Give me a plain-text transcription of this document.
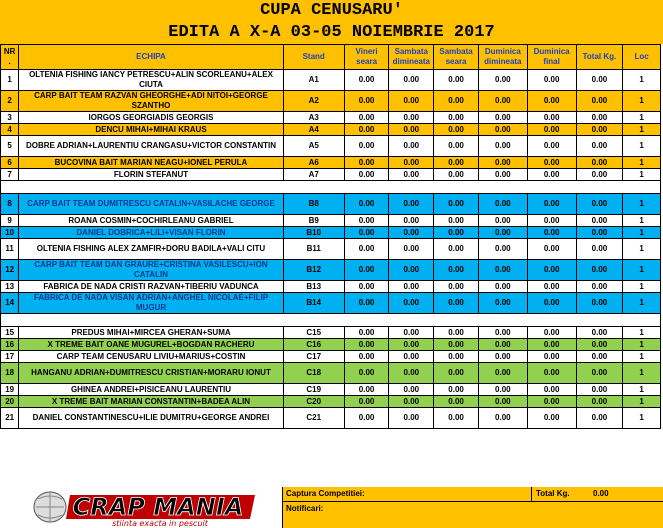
CUPA CENUSARU'
EDITA A X-A 03-05 NOIEMBRIE 2017
NR .	ECHIPA	Stand	Vineri seara	Sambata dimineata	Sambata seara	Duminica dimineata	Duminica final	Total Kg.	Loc
1	OLTENIA FISHING IANCY PETRESCU+ALIN SCORLEANU+ALEX CIUTA	A1	0.00	0.00	0.00	0.00	0.00	0.00	1
2	CARP BAIT TEAM RAZVAN GHEORGHE+ADI NITOI+GEORGE SZANTHO	A2	0.00	0.00	0.00	0.00	0.00	0.00	1
3	IORGOS GEORGIADIS GEORGIS	A3	0.00	0.00	0.00	0.00	0.00	0.00	1
4	DENCU MIHAI+MIHAI KRAUS	A4	0.00	0.00	0.00	0.00	0.00	0.00	1
5	DOBRE ADRIAN+LAURENTIU CRANGASU+VICTOR CONSTANTIN	A5	0.00	0.00	0.00	0.00	0.00	0.00	1
6	BUCOVINA BAIT MARIAN NEAGU+IONEL PERULA	A6	0.00	0.00	0.00	0.00	0.00	0.00	1
7	FLORIN STEFANUT	A7	0.00	0.00	0.00	0.00	0.00	0.00	1

8	CARP BAIT TEAM DUMITRESCU CATALIN+VASILACHE GEORGE	B8	0.00	0.00	0.00	0.00	0.00	0.00	1
9	ROANA COSMIN+COCHIRLEANU GABRIEL	B9	0.00	0.00	0.00	0.00	0.00	0.00	1
10	DANIEL DOBRICA+LILI+VISAN FLORIN	B10	0.00	0.00	0.00	0.00	0.00	0.00	1
11	OLTENIA FISHING ALEX ZAMFIR+DORU BADILA+VALI CITU	B11	0.00	0.00	0.00	0.00	0.00	0.00	1
12	CARP BAIT TEAM DAN GRAURE+CRISTINA VASILESCU+ION CATALIN	B12	0.00	0.00	0.00	0.00	0.00	0.00	1
13	FABRICA DE NADA CRISTI RAZVAN+TIBERIU VADUNCA	B13	0.00	0.00	0.00	0.00	0.00	0.00	1
14	FABRICA DE NADA VISAN ADRIAN+ANGHEL NICOLAE+FILIP MUGUR	B14	0.00	0.00	0.00	0.00	0.00	0.00	1

15	PREDUS MIHAI+MIRCEA GHERAN+SUMA	C15	0.00	0.00	0.00	0.00	0.00	0.00	1
16	X TREME BAIT OANE MUGUREL+BOGDAN RACHERU	C16	0.00	0.00	0.00	0.00	0.00	0.00	1
17	CARP TEAM CENUSARU LIVIU+MARIUS+COSTIN	C17	0.00	0.00	0.00	0.00	0.00	0.00	1
18	HANGANU ADRIAN+DUMITRESCU CRISTIAN+MORARU IONUT	C18	0.00	0.00	0.00	0.00	0.00	0.00	1
19	GHINEA ANDREI+PISICEANU LAURENTIU	C19	0.00	0.00	0.00	0.00	0.00	0.00	1
20	X TREME BAIT MARIAN CONSTANTIN+BADEA ALIN	C20	0.00	0.00	0.00	0.00	0.00	0.00	1
21	DANIEL CONSTANTINESCU+ILIE DUMITRU+GEORGE ANDREI	C21	0.00	0.00	0.00	0.00	0.00	0.00	1
CRAP MANIA
stiinta exacta in pescuit
Captura Competitiei:	Total Kg.	0.00
Notificari:
